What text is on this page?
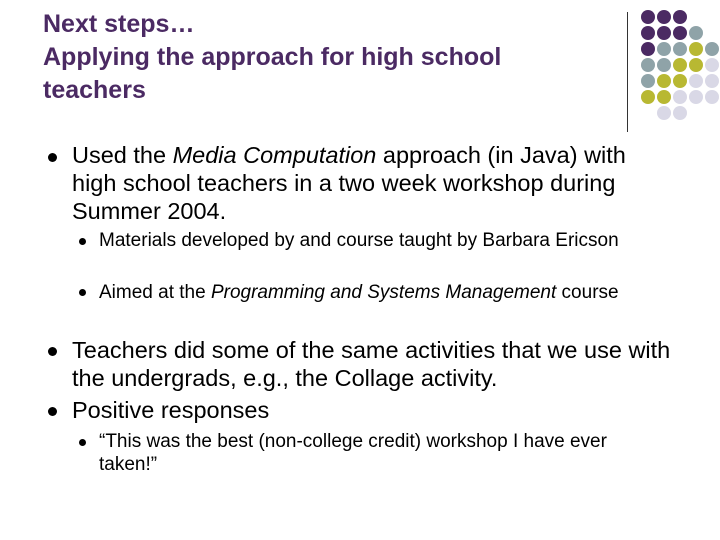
Next steps…
Applying the approach for high school
teachers
Used the Media Computation approach (in Java) with high school teachers in a two week workshop during Summer 2004.
Materials developed by and course taught by Barbara Ericson
Aimed at the Programming and Systems Management course
Teachers did some of the same activities that we use with the undergrads, e.g., the Collage activity.
Positive responses
“This was the best (non-college credit) workshop I have ever taken!”
